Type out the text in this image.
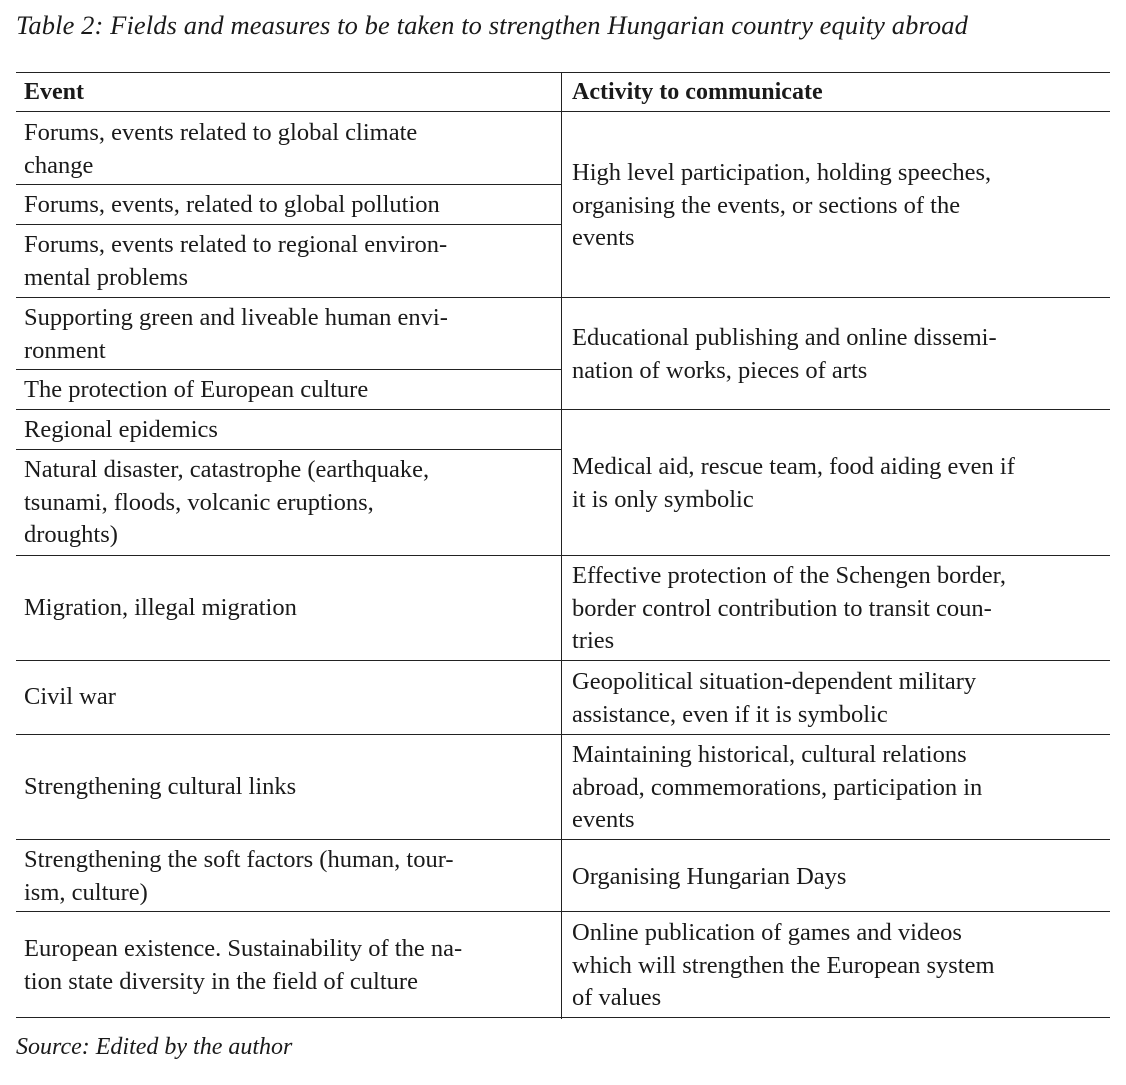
Table 2: Fields and measures to be taken to strengthen Hungarian country equity abroad
Event	Activity to communicate
Forums, events related to global climate
change
Forums, events, related to global pollution
Forums, events related to regional environ-
mental problems
Supporting green and liveable human envi-
ronment
The protection of European culture
Regional epidemics
Natural disaster, catastrophe (earthquake,
tsunami, floods, volcanic eruptions,
droughts)
Migration, illegal migration
Civil war
Strengthening cultural links
Strengthening the soft factors (human, tour-
ism, culture)
European existence. Sustainability of the na-
tion state diversity in the field of culture
High level participation, holding speeches,
organising the events, or sections of the
events
Educational publishing and online dissemi-
nation of works, pieces of arts
Medical aid, rescue team, food aiding even if
it is only symbolic
Effective protection of the Schengen border,
border control contribution to transit coun-
tries
Geopolitical situation-dependent military
assistance, even if it is symbolic
Maintaining historical, cultural relations
abroad, commemorations, participation in
events
Organising Hungarian Days
Online publication of games and videos
which will strengthen the European system
of values
Source: Edited by the author
